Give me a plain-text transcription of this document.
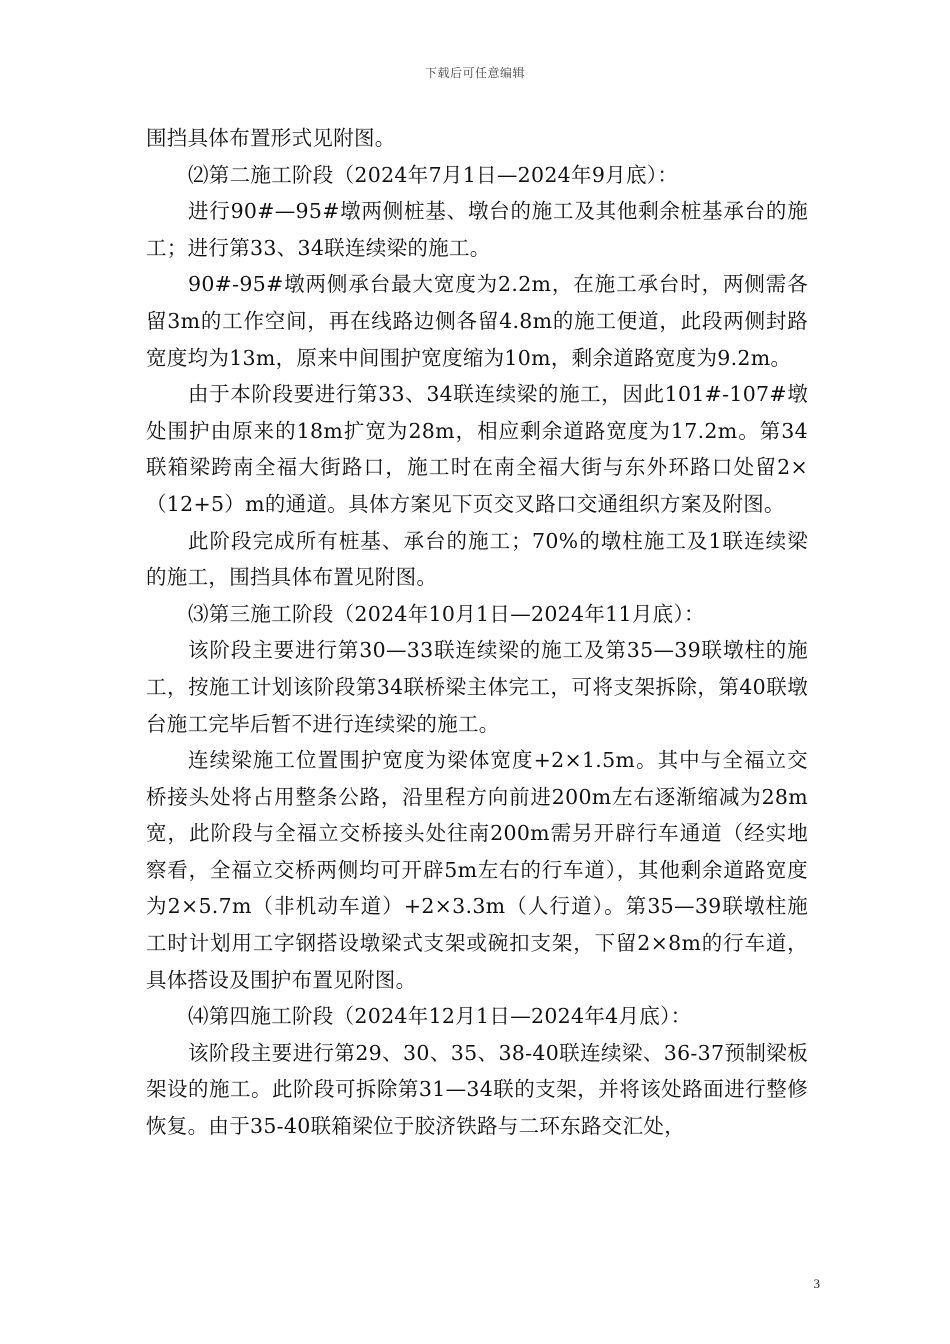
下载后可任意编辑

围挡具体布置形式见附图。

⑵第二施工阶段（2024年7月1日—2024年9月底）：

进行90#—95#墩两侧桩基、墩台的施工及其他剩余桩基承台的施工；进行第33、34联连续梁的施工。

90#-95#墩两侧承台最大宽度为2.2m，在施工承台时，两侧需各留3m的工作空间，再在线路边侧各留4.8m的施工便道，此段两侧封路宽度均为13m，原来中间围护宽度缩为10m，剩余道路宽度为9.2m。

由于本阶段要进行第33、34联连续梁的施工，因此101#-107#墩处围护由原来的18m扩宽为28m，相应剩余道路宽度为17.2m。第34联箱梁跨南全福大街路口，施工时在南全福大街与东外环路口处留2×（12+5）m的通道。具体方案见下页交叉路口交通组织方案及附图。

此阶段完成所有桩基、承台的施工；70%的墩柱施工及1联连续梁的施工，围挡具体布置见附图。

⑶第三施工阶段（2024年10月1日—2024年11月底）：

该阶段主要进行第30—33联连续梁的施工及第35—39联墩柱的施工，按施工计划该阶段第34联桥梁主体完工，可将支架拆除，第40联墩台施工完毕后暂不进行连续梁的施工。

连续梁施工位置围护宽度为梁体宽度+2×1.5m。其中与全福立交桥接头处将占用整条公路，沿里程方向前进200m左右逐渐缩减为28m宽，此阶段与全福立交桥接头处往南200m需另开辟行车通道（经实地察看，全福立交桥两侧均可开辟5m左右的行车道），其他剩余道路宽度为2×5.7m（非机动车道）+2×3.3m（人行道）。第35—39联墩柱施工时计划用工字钢搭设墩梁式支架或碗扣支架，下留2×8m的行车道，具体搭设及围护布置见附图。

⑷第四施工阶段（2024年12月1日—2024年4月底）：

该阶段主要进行第29、30、35、38-40联连续梁、36-37预制梁板架设的施工。此阶段可拆除第31—34联的支架，并将该处路面进行整修恢复。由于35-40联箱梁位于胶济铁路与二环东路交汇处，

3
